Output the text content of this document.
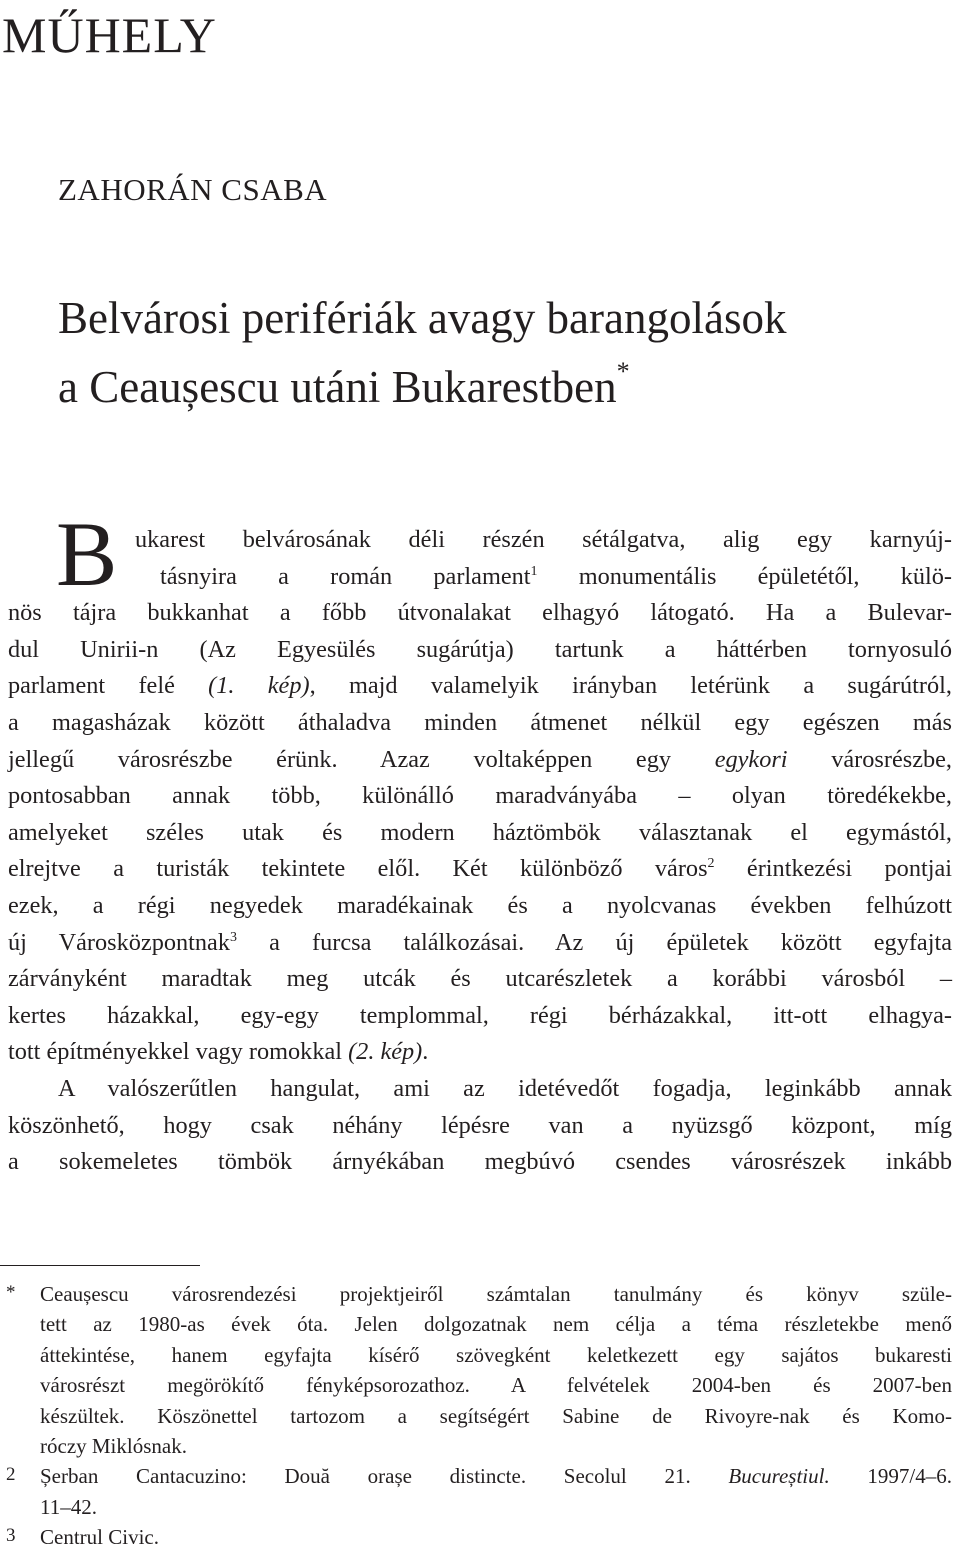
MŰHELY
ZAHORÁN CSABA
Belvárosi perifériák avagy barangolások
a Ceaușescu utáni Bukarestben*
B ukarest belvárosának déli részén sétálgatva, alig egy karnyúj-
tásnyira a román parlament$^1$ monumentális épületétől, külö-
nös tájra bukkanhat a főbb útvonalakat elhagyó látogató. Ha a Bulevar-
dul Unirii-n (Az Egyesülés sugárútja) tartunk a háttérben tornyosuló
parlament felé (1. kép), majd valamelyik irányban letérünk a sugárútról,
a magasházak között áthaladva minden átmenet nélkül egy egészen más
jellegű városrészbe érünk. Azaz voltaképpen egy egykori városrészbe,
pontosabban annak több, különálló maradványába – olyan töredékekbe,
amelyeket széles utak és modern háztömbök választanak el egymástól,
elrejtve a turisták tekintete elől. Két különböző város$^2$ érintkezési pontjai
ezek, a régi negyedek maradékainak és a nyolcvanas években felhúzott
új Városközpontnak$^3$ a furcsa találkozásai. Az új épületek között egyfajta
zárványként maradtak meg utcák és utcarészletek a korábbi városból –
kertes házakkal, egy-egy templommal, régi bérházakkal, itt-ott elhagya-
tott építményekkel vagy romokkal (2. kép).
A valószerűtlen hangulat, ami az idetévedőt fogadja, leginkább annak
köszönhető, hogy csak néhány lépésre van a nyüzsgő központ, míg
a sokemeletes tömbök árnyékában megbúvó csendes városrészek inkább
Ceaușescu városrendezési projektjeiről számtalan tanulmány és könyv szüle-
*
tett az 1980-as évek óta. Jelen dolgozatnak nem célja a téma részletekbe menő
áttekintése, hanem egyfajta kísérő szövegként keletkezett egy sajátos bukaresti
városrészt megörökítő fényképsorozathoz. A felvételek 2004-ben és 2007-ben
készültek. Köszönettel tartozom a segítségért Sabine de Rivoyre-nak és Komo-
róczy Miklósnak.
Șerban Cantacuzino: Două orașe distincte. Secolul 21. Bucureștiul. 1997/4–6.
2
11–42.
Centrul Civic.
3
